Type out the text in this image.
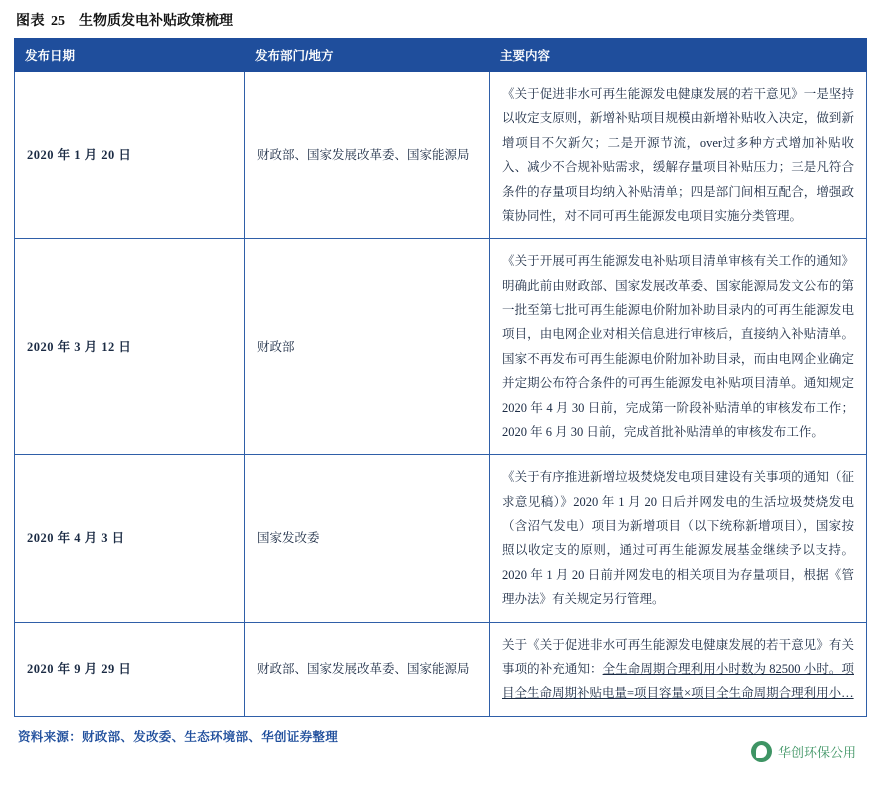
图表 25 生物质发电补贴政策梳理
发布日期	发布部门/地方	主要内容
2020 年 1 月 20 日	财政部、国家发展改革委、国家能源局	《关于促进非水可再生能源发电健康发展的若干意见》一是坚持以收定支原则，新增补贴项目规模由新增补贴收入决定，做到新增项目不欠新欠；二是开源节流，over过多种方式增加补贴收入、减少不合规补贴需求，缓解存量项目补贴压力；三是凡符合条件的存量项目均纳入补贴清单；四是部门间相互配合，增强政策协同性，对不同可再生能源发电项目实施分类管理。
2020 年 3 月 12 日	财政部	《关于开展可再生能源发电补贴项目清单审核有关工作的通知》明确此前由财政部、国家发展改革委、国家能源局发文公布的第一批至第七批可再生能源电价附加补助目录内的可再生能源发电项目，由电网企业对相关信息进行审核后，直接纳入补贴清单。国家不再发布可再生能源电价附加补助目录，而由电网企业确定并定期公布符合条件的可再生能源发电补贴项目清单。通知规定 2020 年 4 月 30 日前，完成第一阶段补贴清单的审核发布工作；2020 年 6 月 30 日前，完成首批补贴清单的审核发布工作。
2020 年 4 月 3 日	国家发改委	《关于有序推进新增垃圾焚烧发电项目建设有关事项的通知（征求意见稿）》2020 年 1 月 20 日后并网发电的生活垃圾焚烧发电（含沼气发电）项目为新增项目（以下统称新增项目），国家按照以收定支的原则，通过可再生能源发展基金继续予以支持。2020 年 1 月 20 日前并网发电的相关项目为存量项目，根据《管理办法》有关规定另行管理。
2020 年 9 月 29 日	财政部、国家发展改革委、国家能源局	关于《关于促进非水可再生能源发电健康发展的若干意见》有关事项的补充通知：全生命周期合理利用小时数为 82500 小时。项目全生命周期补贴电量=项目容量×项目全生命周期合理利用小…
资料来源：财政部、发改委、生态环境部、华创证券整理
华创环保公用
